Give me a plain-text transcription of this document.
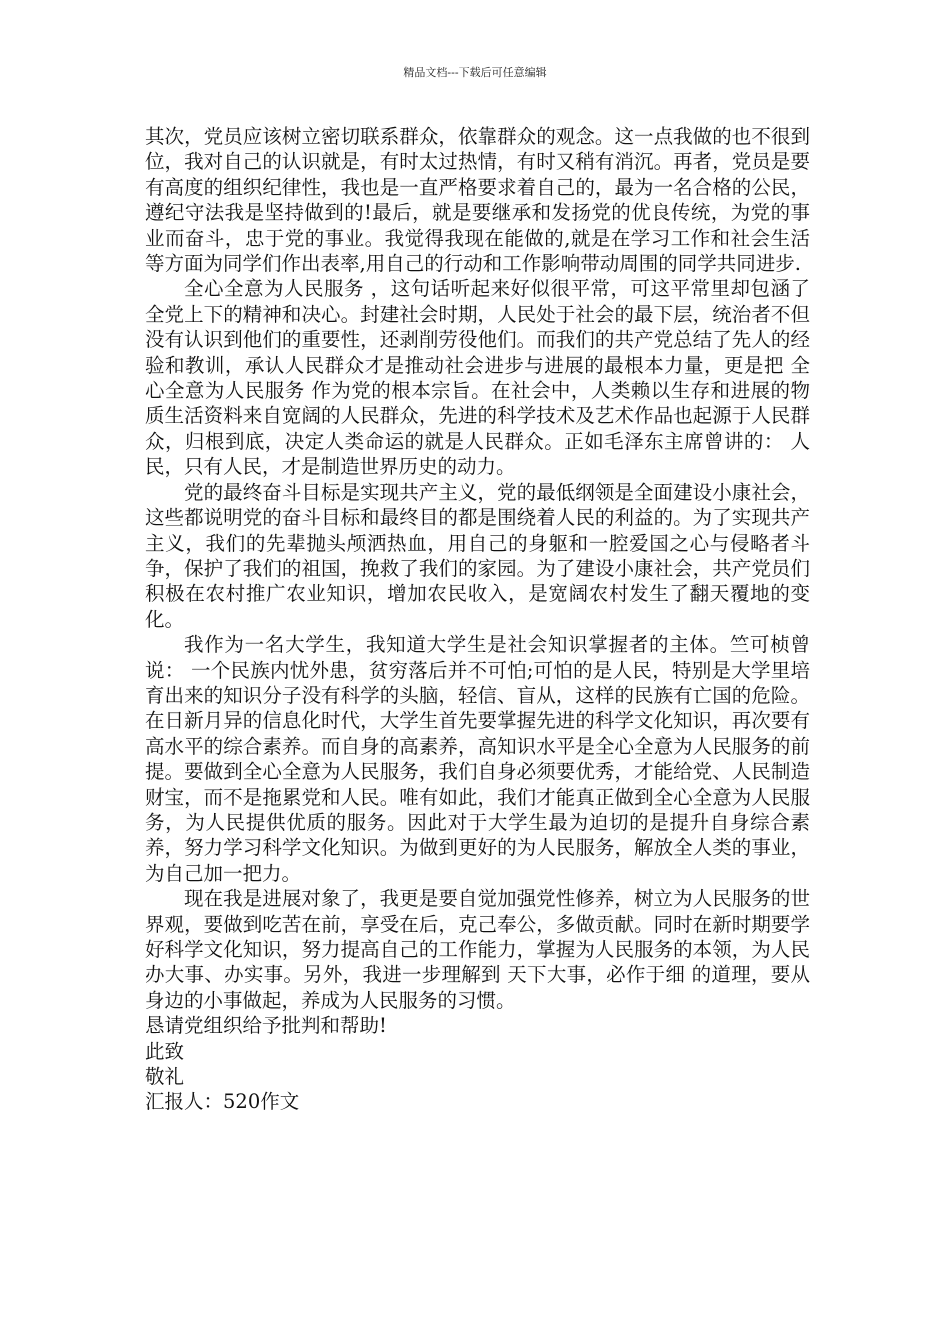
精品文档---下载后可任意编辑

其次，党员应该树立密切联系群众，依靠群众的观念。这一点我做的也不很到位，我对自己的认识就是，有时太过热情，有时又稍有消沉。再者，党员是要有高度的组织纪律性，我也是一直严格要求着自己的，最为一名合格的公民，遵纪守法我是坚持做到的!最后，就是要继承和发扬党的优良传统，为党的事业而奋斗，忠于党的事业。我觉得我现在能做的,就是在学习工作和社会生活等方面为同学们作出表率,用自己的行动和工作影响带动周围的同学共同进步.

全心全意为人民服务 ，这句话听起来好似很平常，可这平常里却包涵了全党上下的精神和决心。封建社会时期，人民处于社会的最下层，统治者不但没有认识到他们的重要性，还剥削劳役他们。而我们的共产党总结了先人的经验和教训，承认人民群众才是推动社会进步与进展的最根本力量，更是把 全心全意为人民服务 作为党的根本宗旨。在社会中，人类赖以生存和进展的物质生活资料来自宽阔的人民群众，先进的科学技术及艺术作品也起源于人民群众，归根到底，决定人类命运的就是人民群众。正如毛泽东主席曾讲的： 人民，只有人民，才是制造世界历史的动力。

党的最终奋斗目标是实现共产主义，党的最低纲领是全面建设小康社会，这些都说明党的奋斗目标和最终目的都是围绕着人民的利益的。为了实现共产主义，我们的先辈抛头颅洒热血，用自己的身躯和一腔爱国之心与侵略者斗争，保护了我们的祖国，挽救了我们的家园。为了建设小康社会，共产党员们积极在农村推广农业知识，增加农民收入，是宽阔农村发生了翻天覆地的变化。

我作为一名大学生，我知道大学生是社会知识掌握者的主体。竺可桢曾说： 一个民族内忧外患，贫穷落后并不可怕;可怕的是人民，特别是大学里培育出来的知识分子没有科学的头脑，轻信、盲从，这样的民族有亡国的危险。 在日新月异的信息化时代，大学生首先要掌握先进的科学文化知识，再次要有高水平的综合素养。而自身的高素养，高知识水平是全心全意为人民服务的前提。要做到全心全意为人民服务，我们自身必须要优秀，才能给党、人民制造财宝，而不是拖累党和人民。唯有如此，我们才能真正做到全心全意为人民服务，为人民提供优质的服务。因此对于大学生最为迫切的是提升自身综合素养，努力学习科学文化知识。为做到更好的为人民服务，解放全人类的事业，为自己加一把力。

现在我是进展对象了，我更是要自觉加强党性修养，树立为人民服务的世界观，要做到吃苦在前，享受在后，克己奉公，多做贡献。同时在新时期要学好科学文化知识，努力提高自己的工作能力，掌握为人民服务的本领，为人民办大事、办实事。另外，我进一步理解到 天下大事，必作于细 的道理，要从身边的小事做起，养成为人民服务的习惯。

恳请党组织给予批判和帮助!

此致

敬礼

汇报人：520作文
